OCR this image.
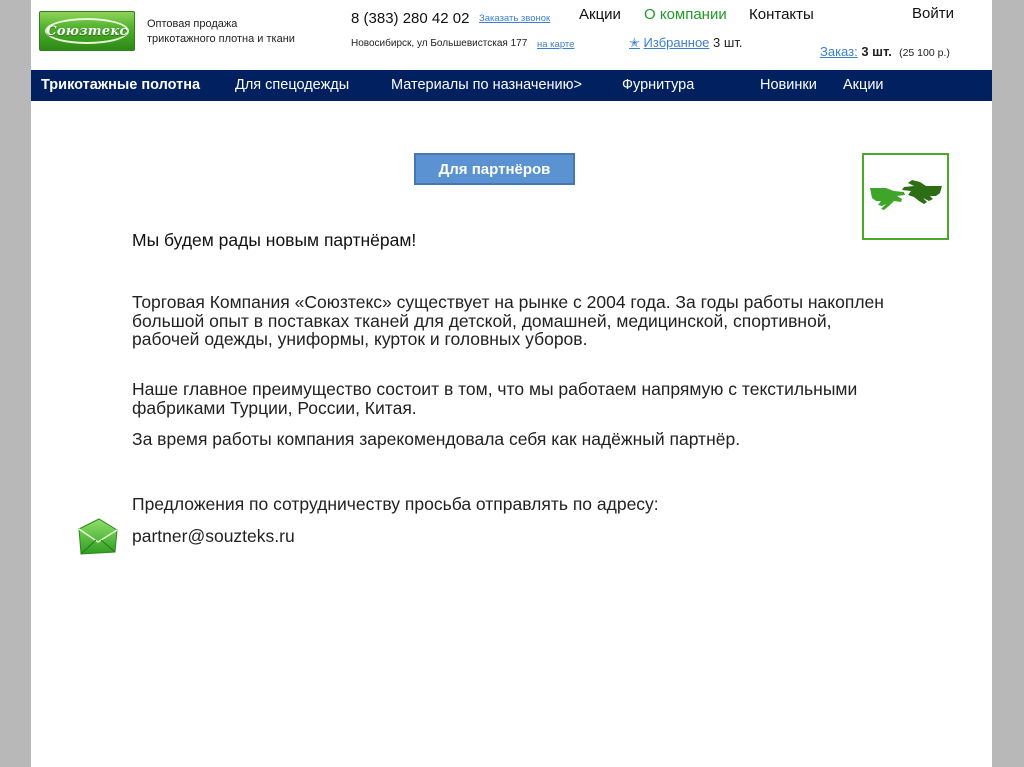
Союзтекс Оптовая продажа
трикотажного плотна и ткани
8 (383) 280 42 02 Заказать звонок
Новосибирск, ул Большевистская 177 на карте
Акции О компании Контакты	Войти
✭ Избранное 3 шт.
Заказ: 3 шт. (25 100 р.)
Трикотажные полотна Для спецодежды	Материалы по назначению>	Фурнитура	Новинки Акции
Для партнёров
Мы будем рады новым партнёрам!
Торговая Компания «Союзтекс» существует на рынке с 2004 года. За годы работы накоплен большой опыт в поставках тканей для детской, домашней, медицинской, спортивной, рабочей одежды, униформы, курток и головных уборов.
Наше главное преимущество состоит в том, что мы работаем напрямую с текстильными фабриками Турции, России, Китая.
За время работы компания зарекомендовала себя как надёжный партнёр.
Предложения по сотрудничеству просьба отправлять по адресу:
partner@souzteks.ru
